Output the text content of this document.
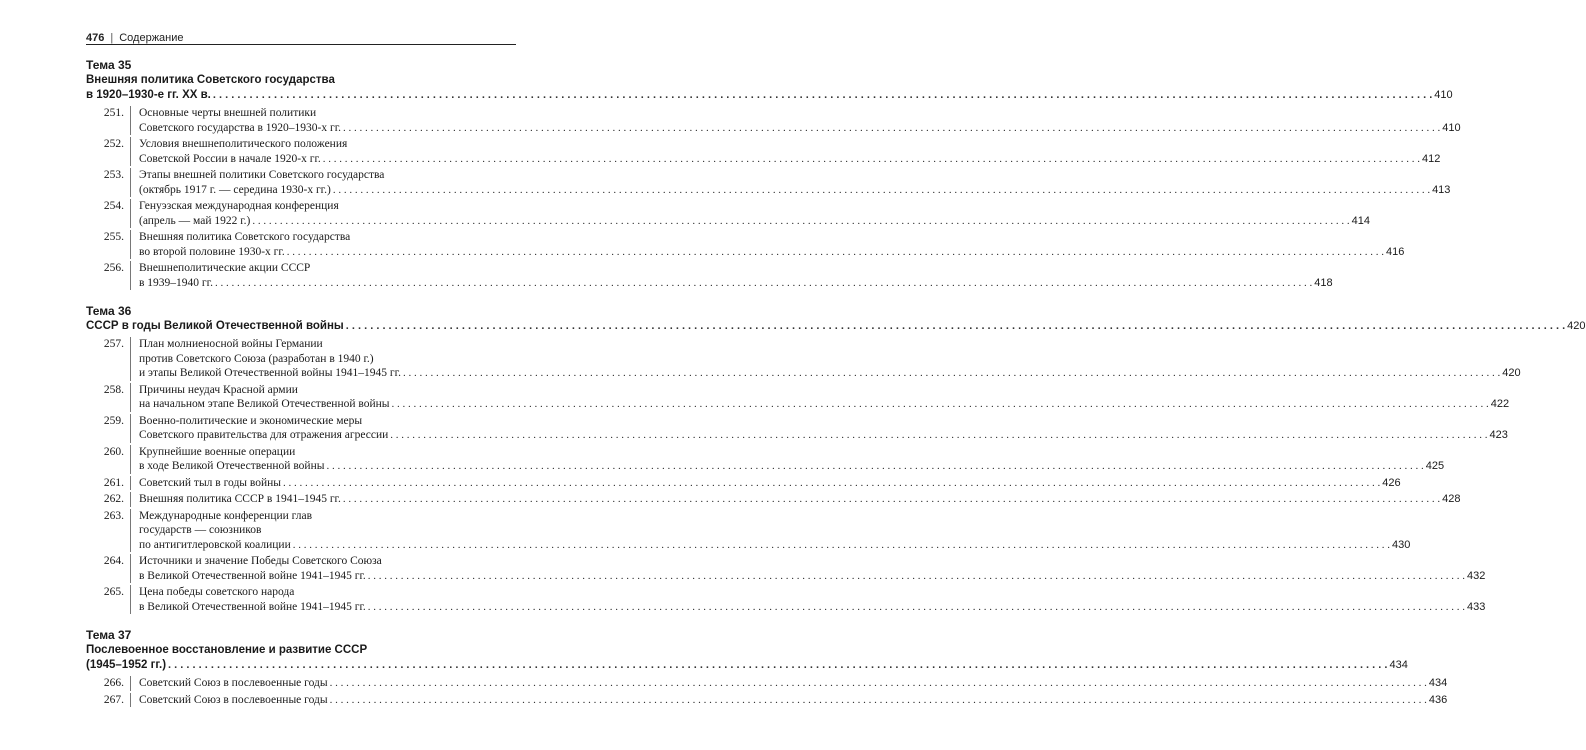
476 | Содержание
Тема 35
Внешняя политика Советского государства
в 1920–1930-е гг. XX в. . . . . . . . . . . . . . . . . . . . . . . . . . . . . . . . . . . . . . . . . . . . . . . . . . . . . . . . . . . . . . . . . . . . . . . . . . . . . . . . . . . . . . . . . . . . . . . . . . . . . . . . . . . . . . . . . . . . . . . . . . . . . . . . . . . . . . . . . . . . . . . . . . . . . . . . . . . . . . . . . . . . . . . . . . . . . . . . . . . . . . . . . . . . . . . . . . . . . . . . . 410
251.	Основные черты внешней политики
Советского государства в 1920–1930-х гг. . . . . . . . . . . . . . . . . . . . . . . . . . . . . . . . . . . . . . . . . . . . . . . . . . . . . . . . . . . . . . . . . . . . . . . . . . . . . . . . . . . . . . . . . . . . . . . . . . . . . . . . . . . . . . . . . . . . . . . . . . . . . . . . . . . . . . . . . . . . . . . . . . . . . . . . . . . . . . . . . . . . . . . . . . . . . . . . . . . . . . . . . . . . . . . . . . . . . . . . . 410
252.	Условия внешнеполитического положения
Советской России в начале 1920-х гг. . . . . . . . . . . . . . . . . . . . . . . . . . . . . . . . . . . . . . . . . . . . . . . . . . . . . . . . . . . . . . . . . . . . . . . . . . . . . . . . . . . . . . . . . . . . . . . . . . . . . . . . . . . . . . . . . . . . . . . . . . . . . . . . . . . . . . . . . . . . . . . . . . . . . . . . . . . . . . . . . . . . . . . . . . . . . . . . . . . . . . . . . . . . . . . . . . . . . . . . . 412
253.	Этапы внешней политики Советского государства
(октябрь 1917 г. — середина 1930-х гг.) . . . . . . . . . . . . . . . . . . . . . . . . . . . . . . . . . . . . . . . . . . . . . . . . . . . . . . . . . . . . . . . . . . . . . . . . . . . . . . . . . . . . . . . . . . . . . . . . . . . . . . . . . . . . . . . . . . . . . . . . . . . . . . . . . . . . . . . . . . . . . . . . . . . . . . . . . . . . . . . . . . . . . . . . . . . . . . . . . . . . . . . . . . . . . . . . . . . . . . . . 413
254.	Генуэзская международная конференция
(апрель — май 1922 г.) . . . . . . . . . . . . . . . . . . . . . . . . . . . . . . . . . . . . . . . . . . . . . . . . . . . . . . . . . . . . . . . . . . . . . . . . . . . . . . . . . . . . . . . . . . . . . . . . . . . . . . . . . . . . . . . . . . . . . . . . . . . . . . . . . . . . . . . . . . . . . . . . . . . . . . . . . . . . . . . . . . . . . . . . . . . . . . . . . . . . . . . . . . . . . . . . . . . . . . . . 414
255.	Внешняя политика Советского государства
во второй половине 1930-х гг. . . . . . . . . . . . . . . . . . . . . . . . . . . . . . . . . . . . . . . . . . . . . . . . . . . . . . . . . . . . . . . . . . . . . . . . . . . . . . . . . . . . . . . . . . . . . . . . . . . . . . . . . . . . . . . . . . . . . . . . . . . . . . . . . . . . . . . . . . . . . . . . . . . . . . . . . . . . . . . . . . . . . . . . . . . . . . . . . . . . . . . . . . . . . . . . . . . . . . . . . 416
256.	Внешнеполитические акции СССР
в 1939–1940 гг. . . . . . . . . . . . . . . . . . . . . . . . . . . . . . . . . . . . . . . . . . . . . . . . . . . . . . . . . . . . . . . . . . . . . . . . . . . . . . . . . . . . . . . . . . . . . . . . . . . . . . . . . . . . . . . . . . . . . . . . . . . . . . . . . . . . . . . . . . . . . . . . . . . . . . . . . . . . . . . . . . . . . . . . . . . . . . . . . . . . . . . . . . . . . . . . . . . . . . . . . 418
Тема 36
СССР в годы Великой Отечественной войны . . . . . . . . . . . . . . . . . . . . . . . . . . . . . . . . . . . . . . . . . . . . . . . . . . . . . . . . . . . . . . . . . . . . . . . . . . . . . . . . . . . . . . . . . . . . . . . . . . . . . . . . . . . . . . . . . . . . . . . . . . . . . . . . . . . . . . . . . . . . . . . . . . . . . . . . . . . . . . . . . . . . . . . . . . . . . . . . . . . . . . . . . . . . . . . . . . . . . . . . 420
257.	План молниеносной войны Германии
против Советского Союза (разработан в 1940 г.)
и этапы Великой Отечественной войны 1941–1945 гг. . . . . . . . . . . . . . . . . . . . . . . . . . . . . . . . . . . . . . . . . . . . . . . . . . . . . . . . . . . . . . . . . . . . . . . . . . . . . . . . . . . . . . . . . . . . . . . . . . . . . . . . . . . . . . . . . . . . . . . . . . . . . . . . . . . . . . . . . . . . . . . . . . . . . . . . . . . . . . . . . . . . . . . . . . . . . . . . . . . . . . . . . . . . . . . . . . . . . . . . . 420
258.	Причины неудач Красной армии
на начальном этапе Великой Отечественной войны . . . . . . . . . . . . . . . . . . . . . . . . . . . . . . . . . . . . . . . . . . . . . . . . . . . . . . . . . . . . . . . . . . . . . . . . . . . . . . . . . . . . . . . . . . . . . . . . . . . . . . . . . . . . . . . . . . . . . . . . . . . . . . . . . . . . . . . . . . . . . . . . . . . . . . . . . . . . . . . . . . . . . . . . . . . . . . . . . . . . . . . . . . . . . . . . . . . . . . . . 422
259.	Военно-политические и экономические меры
Советского правительства для отражения агрессии . . . . . . . . . . . . . . . . . . . . . . . . . . . . . . . . . . . . . . . . . . . . . . . . . . . . . . . . . . . . . . . . . . . . . . . . . . . . . . . . . . . . . . . . . . . . . . . . . . . . . . . . . . . . . . . . . . . . . . . . . . . . . . . . . . . . . . . . . . . . . . . . . . . . . . . . . . . . . . . . . . . . . . . . . . . . . . . . . . . . . . . . . . . . . . . . . . . . . . . . 423
260.	Крупнейшие военные операции
в ходе Великой Отечественной войны . . . . . . . . . . . . . . . . . . . . . . . . . . . . . . . . . . . . . . . . . . . . . . . . . . . . . . . . . . . . . . . . . . . . . . . . . . . . . . . . . . . . . . . . . . . . . . . . . . . . . . . . . . . . . . . . . . . . . . . . . . . . . . . . . . . . . . . . . . . . . . . . . . . . . . . . . . . . . . . . . . . . . . . . . . . . . . . . . . . . . . . . . . . . . . . . . . . . . . . . 425
261.	Советский тыл в годы войны . . . . . . . . . . . . . . . . . . . . . . . . . . . . . . . . . . . . . . . . . . . . . . . . . . . . . . . . . . . . . . . . . . . . . . . . . . . . . . . . . . . . . . . . . . . . . . . . . . . . . . . . . . . . . . . . . . . . . . . . . . . . . . . . . . . . . . . . . . . . . . . . . . . . . . . . . . . . . . . . . . . . . . . . . . . . . . . . . . . . . . . . . . . . . . . . . . . . . . . . 426
262.	Внешняя политика СССР в 1941–1945 гг. . . . . . . . . . . . . . . . . . . . . . . . . . . . . . . . . . . . . . . . . . . . . . . . . . . . . . . . . . . . . . . . . . . . . . . . . . . . . . . . . . . . . . . . . . . . . . . . . . . . . . . . . . . . . . . . . . . . . . . . . . . . . . . . . . . . . . . . . . . . . . . . . . . . . . . . . . . . . . . . . . . . . . . . . . . . . . . . . . . . . . . . . . . . . . . . . . . . . . . . . 428
263.	Международные конференции глав
государств — союзников
по антигитлеровской коалиции . . . . . . . . . . . . . . . . . . . . . . . . . . . . . . . . . . . . . . . . . . . . . . . . . . . . . . . . . . . . . . . . . . . . . . . . . . . . . . . . . . . . . . . . . . . . . . . . . . . . . . . . . . . . . . . . . . . . . . . . . . . . . . . . . . . . . . . . . . . . . . . . . . . . . . . . . . . . . . . . . . . . . . . . . . . . . . . . . . . . . . . . . . . . . . . . . . . . . . . . 430
264.	Источники и значение Победы Советского Союза
в Великой Отечественной войне 1941–1945 гг. . . . . . . . . . . . . . . . . . . . . . . . . . . . . . . . . . . . . . . . . . . . . . . . . . . . . . . . . . . . . . . . . . . . . . . . . . . . . . . . . . . . . . . . . . . . . . . . . . . . . . . . . . . . . . . . . . . . . . . . . . . . . . . . . . . . . . . . . . . . . . . . . . . . . . . . . . . . . . . . . . . . . . . . . . . . . . . . . . . . . . . . . . . . . . . . . . . . . . . . . 432
265.	Цена победы советского народа
в Великой Отечественной войне 1941–1945 гг. . . . . . . . . . . . . . . . . . . . . . . . . . . . . . . . . . . . . . . . . . . . . . . . . . . . . . . . . . . . . . . . . . . . . . . . . . . . . . . . . . . . . . . . . . . . . . . . . . . . . . . . . . . . . . . . . . . . . . . . . . . . . . . . . . . . . . . . . . . . . . . . . . . . . . . . . . . . . . . . . . . . . . . . . . . . . . . . . . . . . . . . . . . . . . . . . . . . . . . . . 433
Тема 37
Послевоенное восстановление и развитие СССР
(1945–1952 гг.) . . . . . . . . . . . . . . . . . . . . . . . . . . . . . . . . . . . . . . . . . . . . . . . . . . . . . . . . . . . . . . . . . . . . . . . . . . . . . . . . . . . . . . . . . . . . . . . . . . . . . . . . . . . . . . . . . . . . . . . . . . . . . . . . . . . . . . . . . . . . . . . . . . . . . . . . . . . . . . . . . . . . . . . . . . . . . . . . . . . . . . . . . . . . . . . . . . . . . . . . 434
266.	Советский Союз в послевоенные годы . . . . . . . . . . . . . . . . . . . . . . . . . . . . . . . . . . . . . . . . . . . . . . . . . . . . . . . . . . . . . . . . . . . . . . . . . . . . . . . . . . . . . . . . . . . . . . . . . . . . . . . . . . . . . . . . . . . . . . . . . . . . . . . . . . . . . . . . . . . . . . . . . . . . . . . . . . . . . . . . . . . . . . . . . . . . . . . . . . . . . . . . . . . . . . . . . . . . . . . . 434
267.	Советский Союз в послевоенные годы . . . . . . . . . . . . . . . . . . . . . . . . . . . . . . . . . . . . . . . . . . . . . . . . . . . . . . . . . . . . . . . . . . . . . . . . . . . . . . . . . . . . . . . . . . . . . . . . . . . . . . . . . . . . . . . . . . . . . . . . . . . . . . . . . . . . . . . . . . . . . . . . . . . . . . . . . . . . . . . . . . . . . . . . . . . . . . . . . . . . . . . . . . . . . . . . . . . . . . . . 436
